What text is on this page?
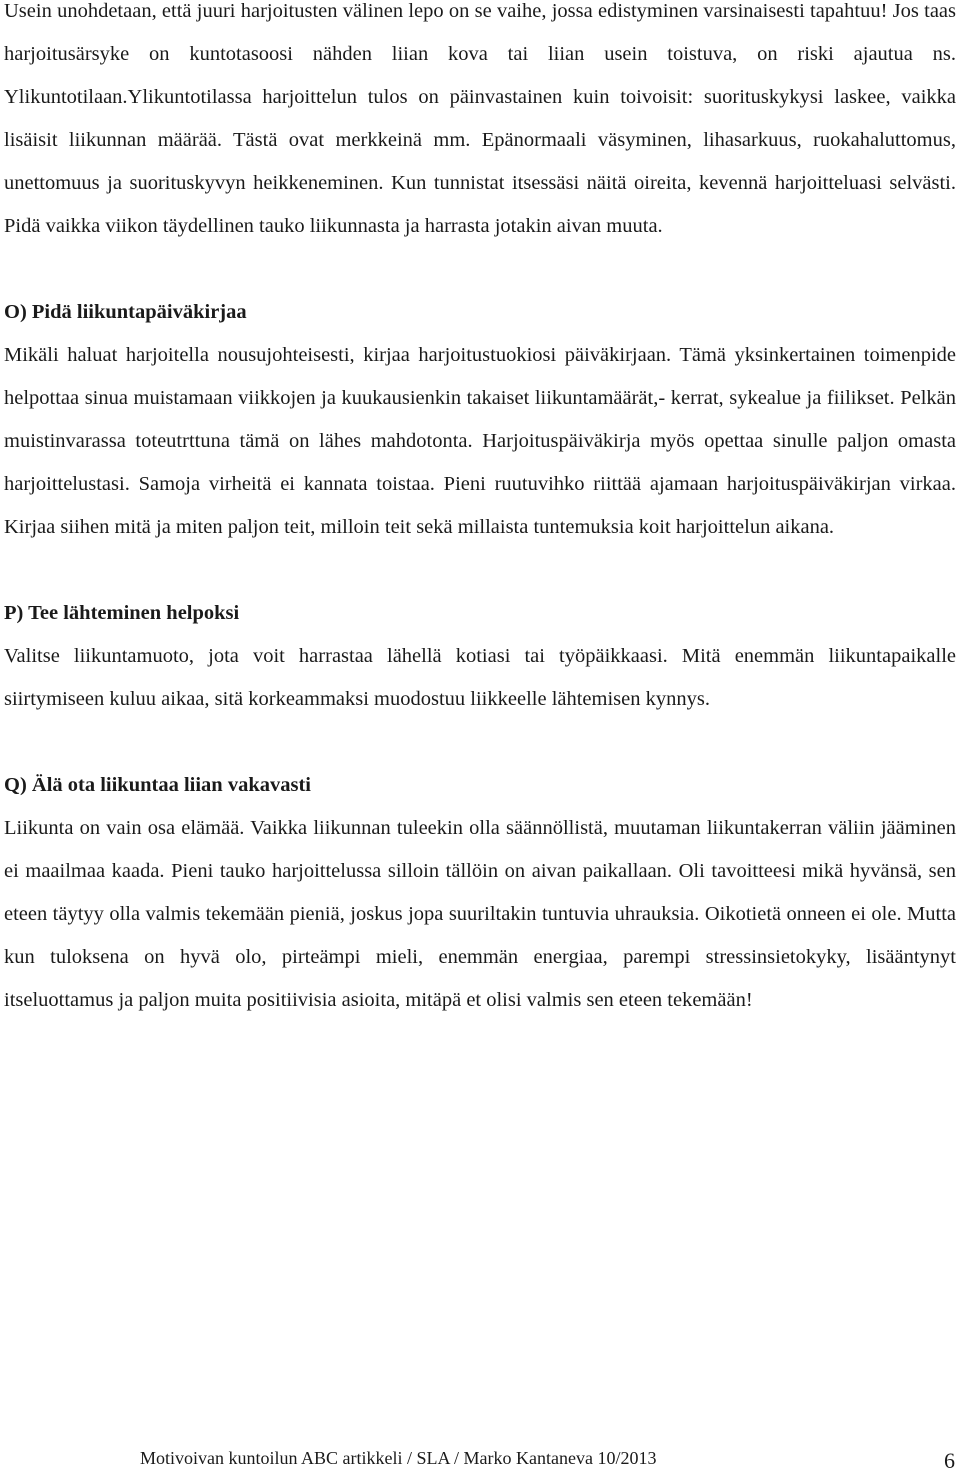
Usein unohdetaan, että juuri harjoitusten välinen lepo on se vaihe, jossa edistyminen varsinaisesti tapahtuu! Jos taas harjoitusärsyke on kuntotasoosi nähden liian kova tai liian usein toistuva, on riski ajautua ns. Ylikuntotilaan.Ylikuntotilassa harjoittelun tulos on päinvastainen kuin toivoisit: suorituskykysi laskee, vaikka lisäisit liikunnan määrää. Tästä ovat merkkeinä mm. Epänormaali väsyminen, lihasarkuus, ruokahaluttomus, unettomuus ja suorituskyvyn heikkeneminen. Kun tunnistat itsessäsi näitä oireita, kevennä harjoitteluasi selvästi. Pidä vaikka viikon täydellinen tauko liikunnasta ja harrasta jotakin aivan muuta.

O) Pidä liikuntapäiväkirjaa

Mikäli haluat harjoitella nousujohteisesti, kirjaa harjoitustuokiosi päiväkirjaan. Tämä yksinkertainen toimenpide helpottaa sinua muistamaan viikkojen ja kuukausienkin takaiset liikuntamäärät,- kerrat, sykealue ja fiilikset. Pelkän muistinvarassa toteutrttuna tämä on lähes mahdotonta. Harjoituspäiväkirja myös opettaa sinulle paljon omasta harjoittelustasi. Samoja virheitä ei kannata toistaa. Pieni ruutuvihko riittää ajamaan harjoituspäiväkirjan virkaa. Kirjaa siihen mitä ja miten paljon teit, milloin teit sekä millaista tuntemuksia koit harjoittelun aikana.

P) Tee lähteminen helpoksi

Valitse liikuntamuoto, jota voit harrastaa lähellä kotiasi tai työpäikkaasi. Mitä enemmän liikuntapaikalle siirtymiseen kuluu aikaa, sitä korkeammaksi muodostuu liikkeelle lähtemisen kynnys.

Q) Älä ota liikuntaa liian vakavasti

Liikunta on vain osa elämää. Vaikka liikunnan tuleekin olla säännöllistä, muutaman liikuntakerran väliin jääminen ei maailmaa kaada. Pieni tauko harjoittelussa silloin tällöin on aivan paikallaan. Oli tavoitteesi mikä hyvänsä, sen eteen täytyy olla valmis tekemään pieniä, joskus jopa suuriltakin tuntuvia uhrauksia. Oikotietä onneen ei ole. Mutta kun tuloksena on hyvä olo, pirteämpi mieli, enemmän energiaa, parempi stressinsietokyky, lisääntynyt itseluottamus ja paljon muita positiivisia asioita, mitäpä et olisi valmis sen eteen tekemään!

Motivoivan kuntoilun ABC artikkeli / SLA / Marko Kantaneva 10/2013	6
